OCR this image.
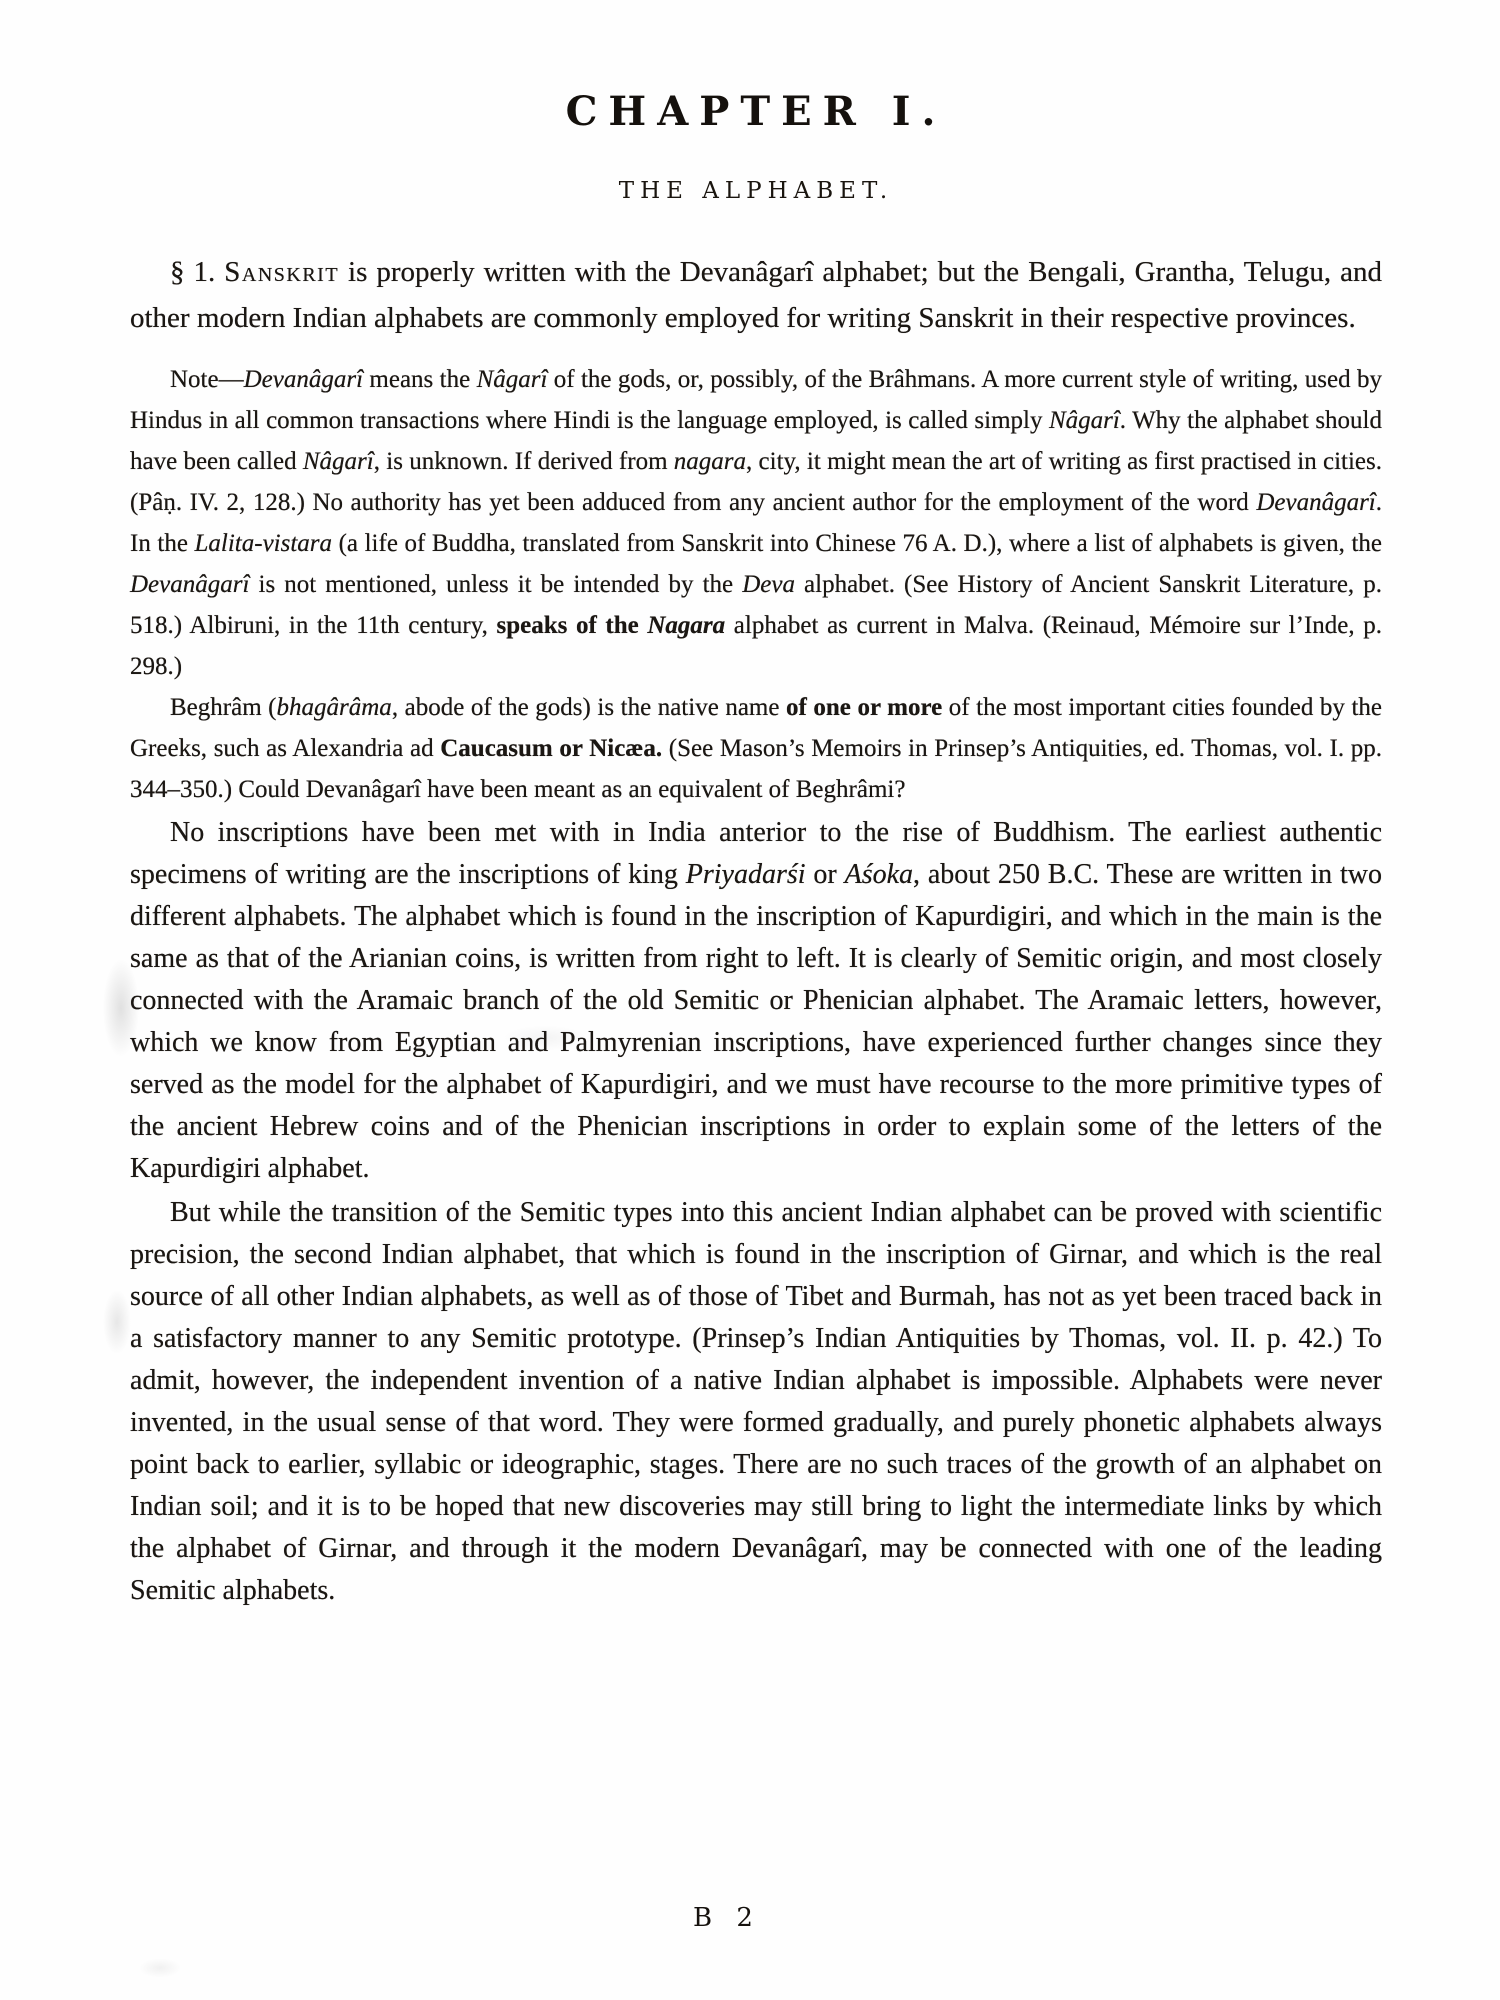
CHAPTER I.
THE ALPHABET.

§ 1. Sanskrit is properly written with the Devanâgarî alphabet; but the Bengali, Grantha, Telugu, and other modern Indian alphabets are commonly employed for writing Sanskrit in their respective provinces.

Note—Devanâgarî means the Nâgarî of the gods, or, possibly, of the Brâhmans. A more current style of writing, used by Hindus in all common transactions where Hindi is the language employed, is called simply Nâgarî. Why the alphabet should have been called Nâgarî, is unknown. If derived from nagara, city, it might mean the art of writing as first practised in cities. (Pâṇ. IV. 2, 128.) No authority has yet been adduced from any ancient author for the employment of the word Devanâgarî. In the Lalita-vistara (a life of Buddha, translated from Sanskrit into Chinese 76 A. D.), where a list of alphabets is given, the Devanâgarî is not mentioned, unless it be intended by the Deva alphabet. (See History of Ancient Sanskrit Literature, p. 518.) Albiruni, in the 11th century, speaks of the Nagara alphabet as current in Malva. (Reinaud, Mémoire sur l’Inde, p. 298.)

Beghrâm (bhagârâma, abode of the gods) is the native name of one or more of the most important cities founded by the Greeks, such as Alexandria ad Caucasum or Nicæa. (See Mason’s Memoirs in Prinsep’s Antiquities, ed. Thomas, vol. I. pp. 344–350.) Could Devanâgarî have been meant as an equivalent of Beghrâmi?

No inscriptions have been met with in India anterior to the rise of Buddhism. The earliest authentic specimens of writing are the inscriptions of king Priyadarśi or Aśoka, about 250 B.C. These are written in two different alphabets. The alphabet which is found in the inscription of Kapurdigiri, and which in the main is the same as that of the Arianian coins, is written from right to left. It is clearly of Semitic origin, and most closely connected with the Aramaic branch of the old Semitic or Phenician alphabet. The Aramaic letters, however, which we know from Egyptian and Palmyrenian inscriptions, have experienced further changes since they served as the model for the alphabet of Kapurdigiri, and we must have recourse to the more primitive types of the ancient Hebrew coins and of the Phenician inscriptions in order to explain some of the letters of the Kapurdigiri alphabet.

But while the transition of the Semitic types into this ancient Indian alphabet can be proved with scientific precision, the second Indian alphabet, that which is found in the inscription of Girnar, and which is the real source of all other Indian alphabets, as well as of those of Tibet and Burmah, has not as yet been traced back in a satisfactory manner to any Semitic prototype. (Prinsep’s Indian Antiquities by Thomas, vol. II. p. 42.) To admit, however, the independent invention of a native Indian alphabet is impossible. Alphabets were never invented, in the usual sense of that word. They were formed gradually, and purely phonetic alphabets always point back to earlier, syllabic or ideographic, stages. There are no such traces of the growth of an alphabet on Indian soil; and it is to be hoped that new discoveries may still bring to light the intermediate links by which the alphabet of Girnar, and through it the modern Devanâgarî, may be connected with one of the leading Semitic alphabets.

B 2
